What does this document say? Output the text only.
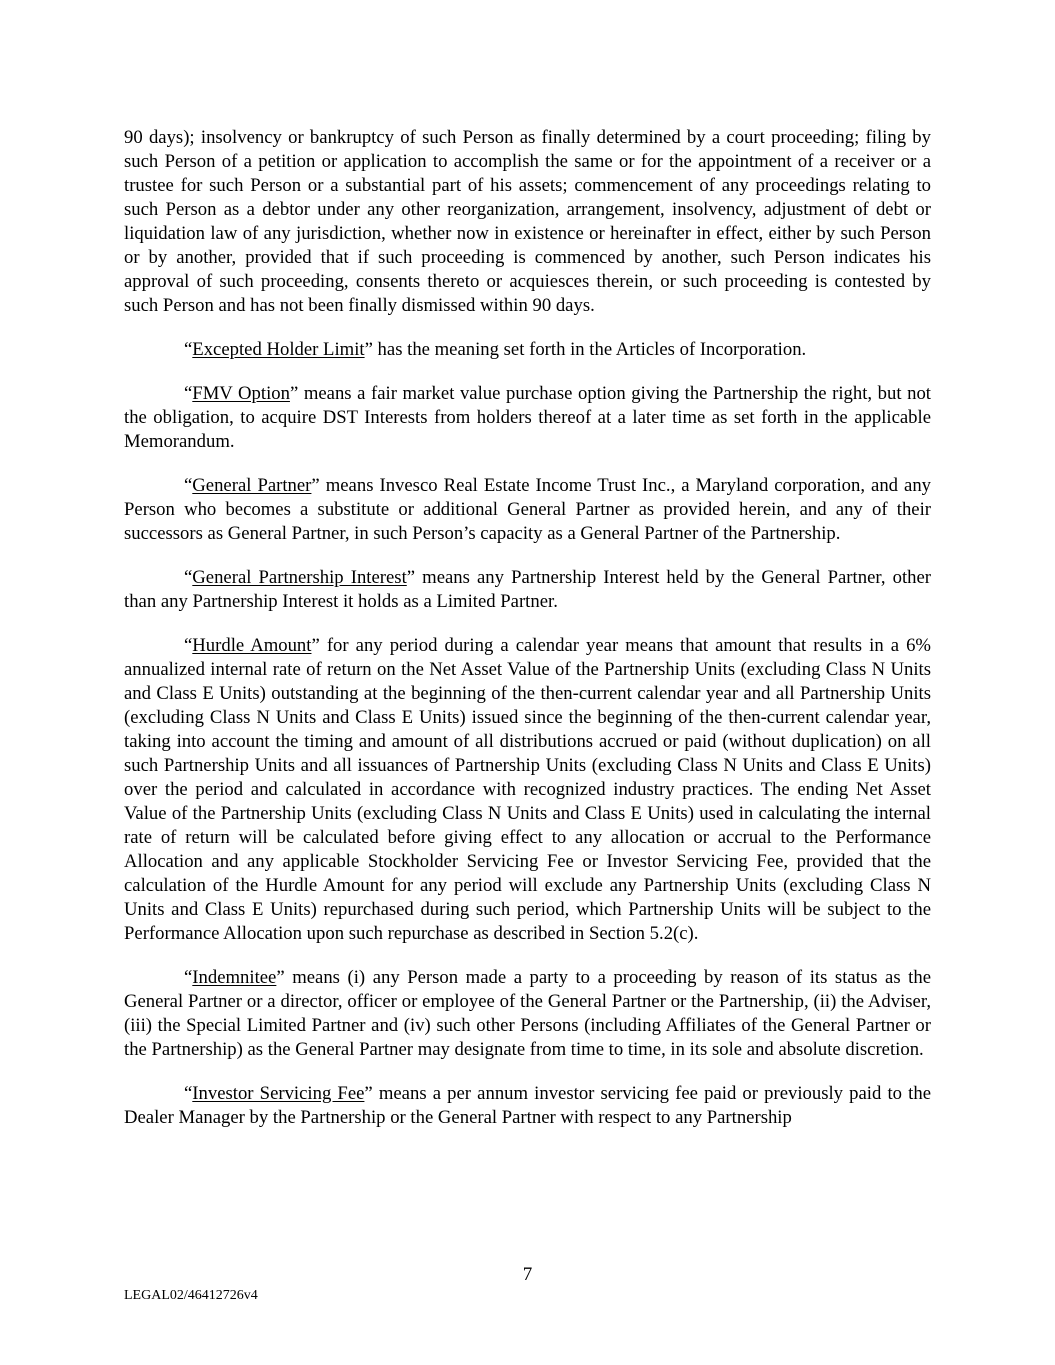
90 days); insolvency or bankruptcy of such Person as finally determined by a court proceeding; filing by such Person of a petition or application to accomplish the same or for the appointment of a receiver or a trustee for such Person or a substantial part of his assets; commencement of any proceedings relating to such Person as a debtor under any other reorganization, arrangement, insolvency, adjustment of debt or liquidation law of any jurisdiction, whether now in existence or hereinafter in effect, either by such Person or by another, provided that if such proceeding is commenced by another, such Person indicates his approval of such proceeding, consents thereto or acquiesces therein, or such proceeding is contested by such Person and has not been finally dismissed within 90 days.

“Excepted Holder Limit” has the meaning set forth in the Articles of Incorporation.

“FMV Option” means a fair market value purchase option giving the Partnership the right, but not the obligation, to acquire DST Interests from holders thereof at a later time as set forth in the applicable Memorandum.

“General Partner” means Invesco Real Estate Income Trust Inc., a Maryland corporation, and any Person who becomes a substitute or additional General Partner as provided herein, and any of their successors as General Partner, in such Person’s capacity as a General Partner of the Partnership.

“General Partnership Interest” means any Partnership Interest held by the General Partner, other than any Partnership Interest it holds as a Limited Partner.

“Hurdle Amount” for any period during a calendar year means that amount that results in a 6% annualized internal rate of return on the Net Asset Value of the Partnership Units (excluding Class N Units and Class E Units) outstanding at the beginning of the then-current calendar year and all Partnership Units (excluding Class N Units and Class E Units) issued since the beginning of the then-current calendar year, taking into account the timing and amount of all distributions accrued or paid (without duplication) on all such Partnership Units and all issuances of Partnership Units (excluding Class N Units and Class E Units) over the period and calculated in accordance with recognized industry practices. The ending Net Asset Value of the Partnership Units (excluding Class N Units and Class E Units) used in calculating the internal rate of return will be calculated before giving effect to any allocation or accrual to the Performance Allocation and any applicable Stockholder Servicing Fee or Investor Servicing Fee, provided that the calculation of the Hurdle Amount for any period will exclude any Partnership Units (excluding Class N Units and Class E Units) repurchased during such period, which Partnership Units will be subject to the Performance Allocation upon such repurchase as described in Section 5.2(c).

“Indemnitee” means (i) any Person made a party to a proceeding by reason of its status as the General Partner or a director, officer or employee of the General Partner or the Partnership, (ii) the Adviser, (iii) the Special Limited Partner and (iv) such other Persons (including Affiliates of the General Partner or the Partnership) as the General Partner may designate from time to time, in its sole and absolute discretion.

“Investor Servicing Fee” means a per annum investor servicing fee paid or previously paid to the Dealer Manager by the Partnership or the General Partner with respect to any Partnership

7
LEGAL02/46412726v4
